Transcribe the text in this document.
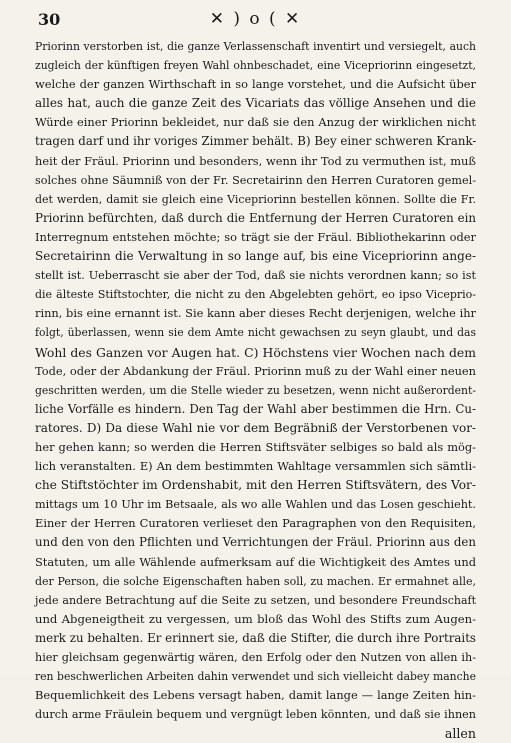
30	✕ ) o ( ✕
Priorinn verstorben ist, die ganze Verlassenschaft inventirt und versiegelt, auch
zugleich der künftigen freyen Wahl ohnbeschadet, eine Vicepriorinn eingesetzt,
welche der ganzen Wirthschaft in so lange vorstehet, und die Aufsicht über
alles hat, auch die ganze Zeit des Vicariats das völlige Ansehen und die
Würde einer Priorinn bekleidet, nur daß sie den Anzug der wirklichen nicht
tragen darf und ihr voriges Zimmer behält. B) Bey einer schweren Krank-
heit der Fräul. Priorinn und besonders, wenn ihr Tod zu vermuthen ist, muß
solches ohne Säumniß von der Fr. Secretairinn den Herren Curatoren gemel-
det werden, damit sie gleich eine Vicepriorinn bestellen können. Sollte die Fr.
Priorinn befürchten, daß durch die Entfernung der Herren Curatoren ein
Interregnum entstehen möchte; so trägt sie der Fräul. Bibliothekarinn oder
Secretairinn die Verwaltung in so lange auf, bis eine Vicepriorinn ange-
stellt ist. Ueberrascht sie aber der Tod, daß sie nichts verordnen kann; so ist
die älteste Stiftstochter, die nicht zu den Abgelebten gehört, eo ipso Vicepriо-
rinn, bis eine ernannt ist. Sie kann aber dieses Recht derjenigen, welche ihr
folgt, überlassen, wenn sie dem Amte nicht gewachsen zu seyn glaubt, und das
Wohl des Ganzen vor Augen hat. C) Höchstens vier Wochen nach dem
Tode, oder der Abdankung der Fräul. Priorinn muß zu der Wahl einer neuen
geschritten werden, um die Stelle wieder zu besetzen, wenn nicht außerordent-
liche Vorfälle es hindern. Den Tag der Wahl aber bestimmen die Hrn. Cu-
ratores. D) Da diese Wahl nie vor dem Begräbniß der Verstorbenen vor-
her gehen kann; so werden die Herren Stiftsväter selbiges so bald als mög-
lich veranstalten. E) An dem bestimmten Wahltage versammlen sich sämtli-
che Stiftstöchter im Ordenshabit, mit den Herren Stiftsvätern, des Vor-
mittags um 10 Uhr im Betsaale, als wo alle Wahlen und das Losen geschieht.
Einer der Herren Curatoren verlieset den Paragraphen von den Requisiten,
und den von den Pflichten und Verrichtungen der Fräul. Priorinn aus den
Statuten, um alle Wählende aufmerksam auf die Wichtigkeit des Amtes und
der Person, die solche Eigenschaften haben soll, zu machen. Er ermahnet alle,
jede andere Betrachtung auf die Seite zu setzen, und besondere Freundschaft
und Abgeneigtheit zu vergessen, um bloß das Wohl des Stifts zum Augen-
merk zu behalten. Er erinnert sie, daß die Stifter, die durch ihre Portraits
hier gleichsam gegenwärtig wären, den Erfolg oder den Nutzen von allen ih-
ren beschwerlichen Arbeiten dahin verwendet und sich vielleicht dabey manche
Bequemlichkeit des Lebens versagt haben, damit lange — lange Zeiten hin-
durch arme Fräulein bequem und vergnügt leben könnten, und daß sie ihnen
allen
